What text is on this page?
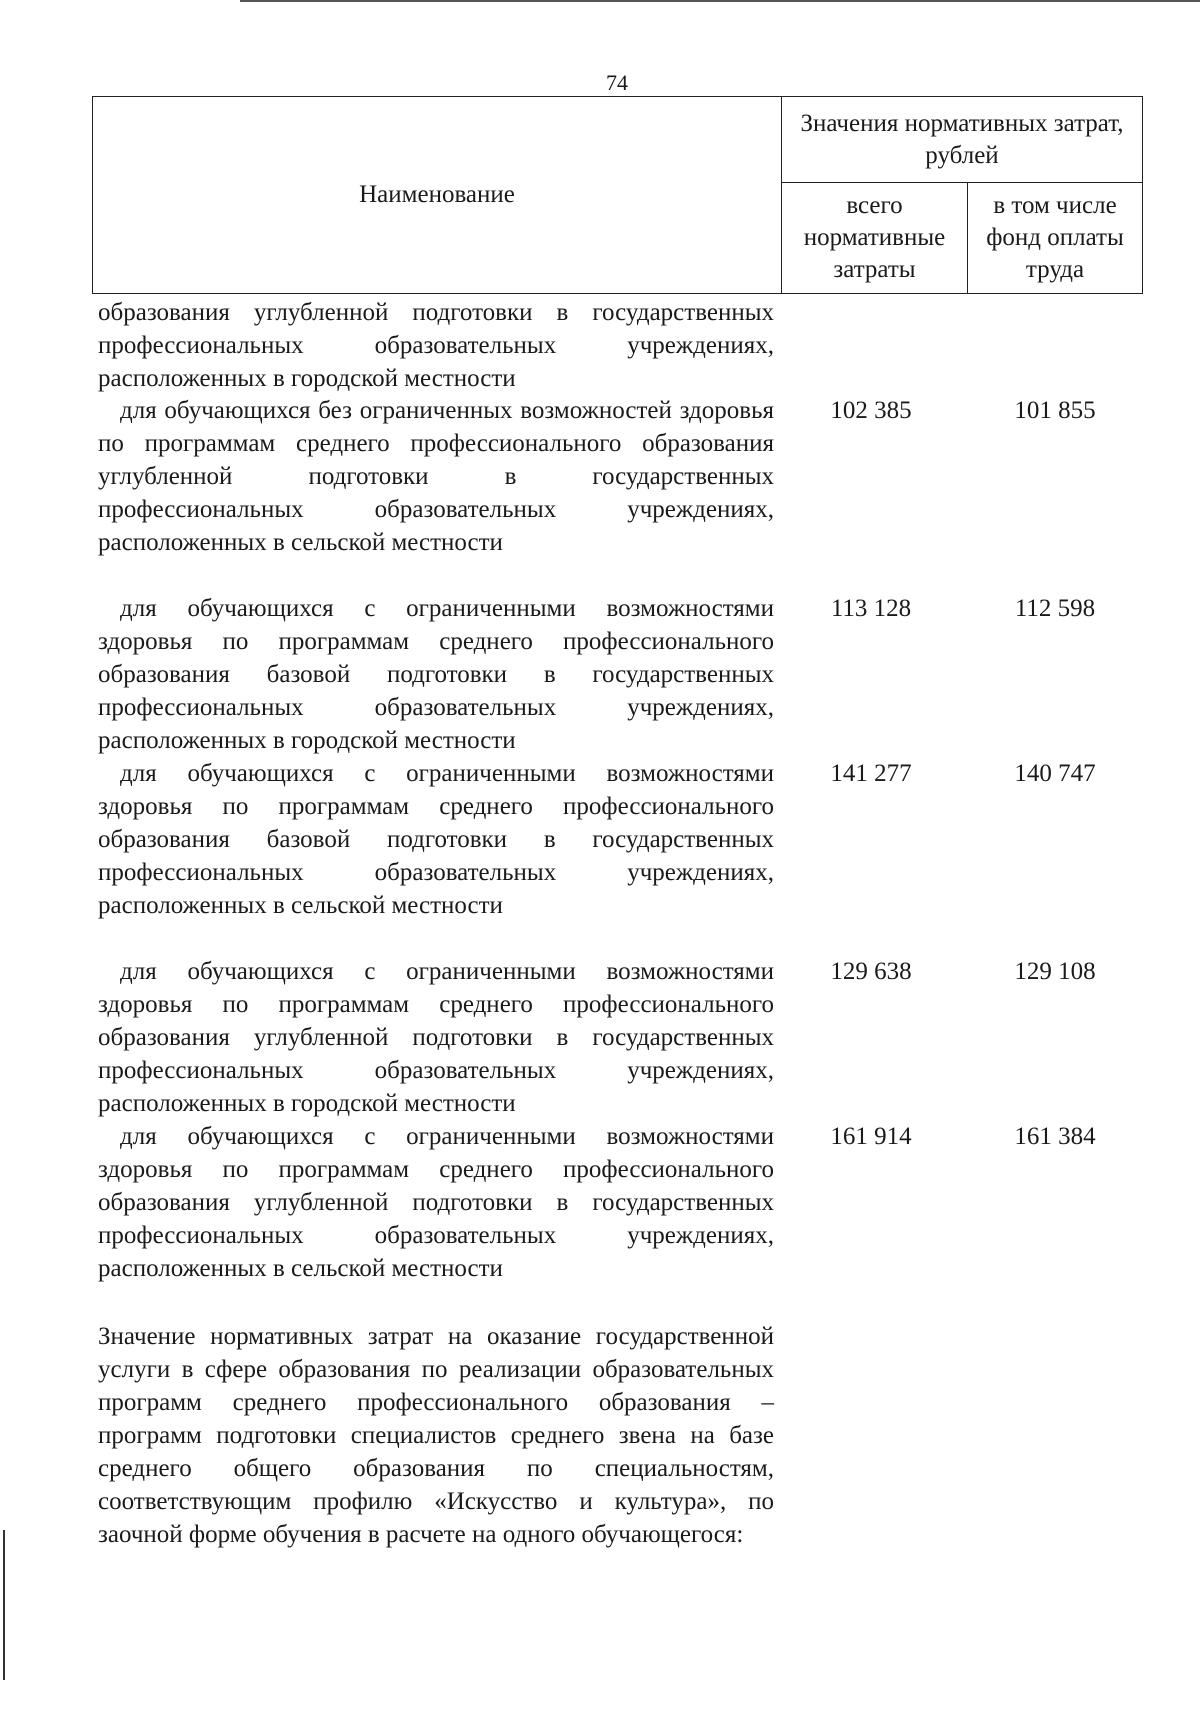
74
Наименование	Значения нормативных затрат, рублей	
	всего нормативные затраты	в том числе фонд оплаты труда
образования углубленной подготовки в государственных профессиональных образовательных учреждениях, расположенных в городской местности
для обучающихся без ограниченных возможностей здоровья по программам среднего профессионального образования углубленной подготовки в государственных профессиональных образовательных учреждениях, расположенных в сельской местности
102 385	101 855
для обучающихся с ограниченными возможностями здоровья по программам среднего профессионального образования базовой подготовки в государственных профессиональных образовательных учреждениях, расположенных в городской местности
113 128	112 598
для обучающихся с ограниченными возможностями здоровья по программам среднего профессионального образования базовой подготовки в государственных профессиональных образовательных учреждениях, расположенных в сельской местности
141 277	140 747
для обучающихся с ограниченными возможностями здоровья по программам среднего профессионального образования углубленной подготовки в государственных профессиональных образовательных учреждениях, расположенных в городской местности
129 638	129 108
для обучающихся с ограниченными возможностями здоровья по программам среднего профессионального образования углубленной подготовки в государственных профессиональных образовательных учреждениях, расположенных в сельской местности
161 914	161 384
Значение нормативных затрат на оказание государственной услуги в сфере образования по реализации образовательных программ среднего профессионального образования – программ подготовки специалистов среднего звена на базе среднего общего образования по специальностям, соответствующим профилю «Искусство и культура», по заочной форме обучения в расчете на одного обучающегося:
